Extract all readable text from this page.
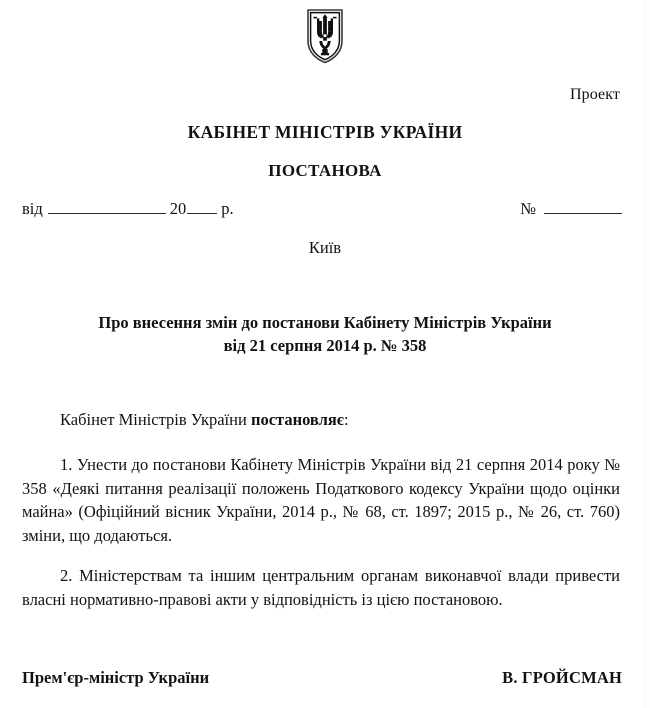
Проект
КАБІНЕТ МІНІСТРІВ УКРАЇНИ
ПОСТАНОВА
від	20 р.	№
Київ
Про внесення змін до постанови Кабінету Міністрів України
від 21 серпня 2014 р. № 358

Кабінет Міністрів України постановляє:

1. Унести до постанови Кабінету Міністрів України від 21 серпня 2014 року № 358 «Деякі питання реалізації положень Податкового кодексу України щодо оцінки майна» (Офіційний вісник України, 2014 р., № 68, ст. 1897; 2015 р., № 26, ст. 760) зміни, що додаються.

2. Міністерствам та іншим центральним органам виконавчої влади привести власні нормативно-правові акти у відповідність із цією постановою.

Прем'єр-міністр України	В. ГРОЙСМАН
